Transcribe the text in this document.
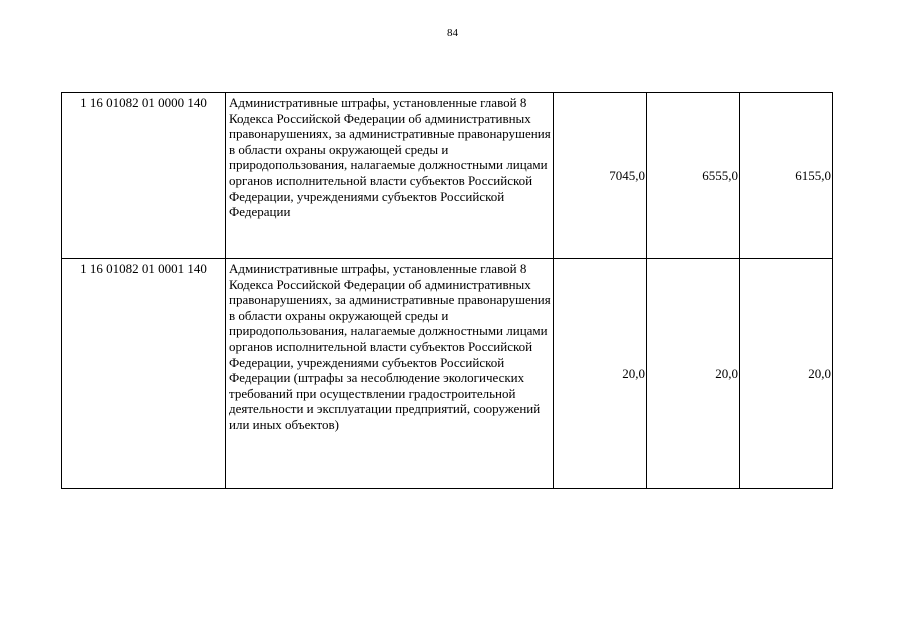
84
1 16 01082 01 0000 140	Административные штрафы, установленные главой 8 Кодекса Российской Федерации об административных правонарушениях, за административные правонарушения в области охраны окружающей среды и природопользования, налагаемые должностными лицами органов исполнительной власти субъектов Российской Федерации, учреждениями субъектов Российской Федерации	7045,0	6555,0	6155,0
1 16 01082 01 0001 140	Административные штрафы, установленные главой 8 Кодекса Российской Федерации об административных правонарушениях, за административные правонарушения в области охраны окружающей среды и природопользования, налагаемые должностными лицами органов исполнительной власти субъектов Российской Федерации, учреждениями субъектов Российской Федерации (штрафы за несоблюдение экологических требований при осуществлении градостроительной деятельности и эксплуатации предприятий, сооружений или иных объектов)	20,0	20,0	20,0
